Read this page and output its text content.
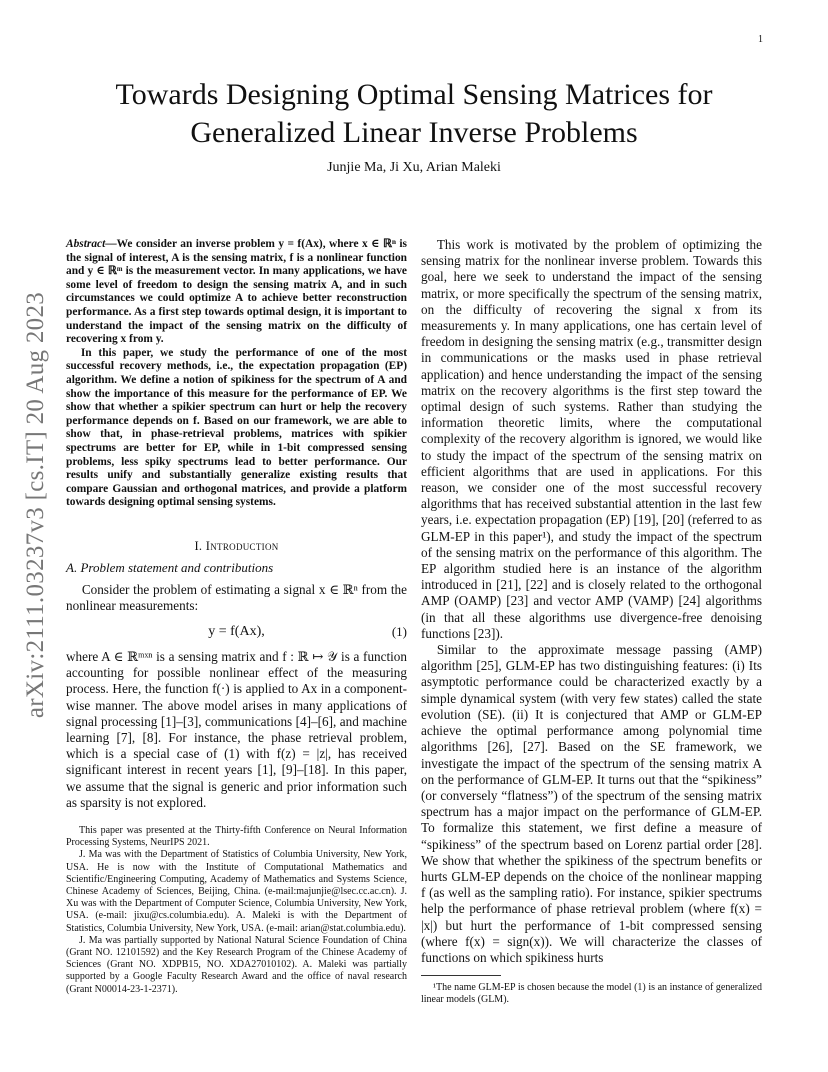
1
arXiv:2111.03237v3 [cs.IT] 20 Aug 2023
Towards Designing Optimal Sensing Matrices for Generalized Linear Inverse Problems
Junjie Ma, Ji Xu, Arian Maleki

Abstract—We consider an inverse problem y = f(Ax), where x ∈ ℝⁿ is the signal of interest, A is the sensing matrix, f is a nonlinear function and y ∈ ℝᵐ is the measurement vector. In many applications, we have some level of freedom to design the sensing matrix A, and in such circumstances we could optimize A to achieve better reconstruction performance. As a first step towards optimal design, it is important to understand the impact of the sensing matrix on the difficulty of recovering x from y.

In this paper, we study the performance of one of the most successful recovery methods, i.e., the expectation propagation (EP) algorithm. We define a notion of spikiness for the spectrum of A and show the importance of this measure for the performance of EP. We show that whether a spikier spectrum can hurt or help the recovery performance depends on f. Based on our framework, we are able to show that, in phase-retrieval problems, matrices with spikier spectrums are better for EP, while in 1-bit compressed sensing problems, less spiky spectrums lead to better performance. Our results unify and substantially generalize existing results that compare Gaussian and orthogonal matrices, and provide a platform towards designing optimal sensing systems.

I. Introduction
A. Problem statement and contributions

Consider the problem of estimating a signal x ∈ ℝⁿ from the nonlinear measurements:

y = f(Ax),	(1)

where A ∈ ℝᵐˣⁿ is a sensing matrix and f : ℝ ↦ 𝒴 is a function accounting for possible nonlinear effect of the measuring process. Here, the function f(·) is applied to Ax in a component-wise manner. The above model arises in many applications of signal processing [1]–[3], communications [4]–[6], and machine learning [7], [8]. For instance, the phase retrieval problem, which is a special case of (1) with f(z) = |z|, has received significant interest in recent years [1], [9]–[18]. In this paper, we assume that the signal is generic and prior information such as sparsity is not explored.

This paper was presented at the Thirty-fifth Conference on Neural Information Processing Systems, NeurIPS 2021.

J. Ma was with the Department of Statistics of Columbia University, New York, USA. He is now with the Institute of Computational Mathematics and Scientific/Engineering Computing, Academy of Mathematics and Systems Science, Chinese Academy of Sciences, Beijing, China. (e-mail:majunjie@lsec.cc.ac.cn). J. Xu was with the Department of Computer Science, Columbia University, New York, USA. (e-mail: jixu@cs.columbia.edu). A. Maleki is with the Department of Statistics, Columbia University, New York, USA. (e-mail: arian@stat.columbia.edu).

J. Ma was partially supported by National Natural Science Foundation of China (Grant NO. 12101592) and the Key Research Program of the Chinese Academy of Sciences (Grant NO. XDPB15, NO. XDA27010102). A. Maleki was partially supported by a Google Faculty Research Award and the office of naval research (Grant N00014-23-1-2371).

This work is motivated by the problem of optimizing the sensing matrix for the nonlinear inverse problem. Towards this goal, here we seek to understand the impact of the sensing matrix, or more specifically the spectrum of the sensing matrix, on the difficulty of recovering the signal x from its measurements y. In many applications, one has certain level of freedom in designing the sensing matrix (e.g., transmitter design in communications or the masks used in phase retrieval application) and hence understanding the impact of the sensing matrix on the recovery algorithms is the first step toward the optimal design of such systems. Rather than studying the information theoretic limits, where the computational complexity of the recovery algorithm is ignored, we would like to study the impact of the spectrum of the sensing matrix on efficient algorithms that are used in applications. For this reason, we consider one of the most successful recovery algorithms that has received substantial attention in the last few years, i.e. expectation propagation (EP) [19], [20] (referred to as GLM-EP in this paper¹), and study the impact of the spectrum of the sensing matrix on the performance of this algorithm. The EP algorithm studied here is an instance of the algorithm introduced in [21], [22] and is closely related to the orthogonal AMP (OAMP) [23] and vector AMP (VAMP) [24] algorithms (in that all these algorithms use divergence-free denoising functions [23]).

Similar to the approximate message passing (AMP) algorithm [25], GLM-EP has two distinguishing features: (i) Its asymptotic performance could be characterized exactly by a simple dynamical system (with very few states) called the state evolution (SE). (ii) It is conjectured that AMP or GLM-EP achieve the optimal performance among polynomial time algorithms [26], [27]. Based on the SE framework, we investigate the impact of the spectrum of the sensing matrix A on the performance of GLM-EP. It turns out that the “spikiness” (or conversely “flatness”) of the spectrum of the sensing matrix spectrum has a major impact on the performance of GLM-EP. To formalize this statement, we first define a measure of “spikiness” of the spectrum based on Lorenz partial order [28]. We show that whether the spikiness of the spectrum benefits or hurts GLM-EP depends on the choice of the nonlinear mapping f (as well as the sampling ratio). For instance, spikier spectrums help the performance of phase retrieval problem (where f(x) = |x|) but hurt the performance of 1-bit compressed sensing (where f(x) = sign(x)). We will characterize the classes of functions on which spikiness hurts

¹The name GLM-EP is chosen because the model (1) is an instance of generalized linear models (GLM).
